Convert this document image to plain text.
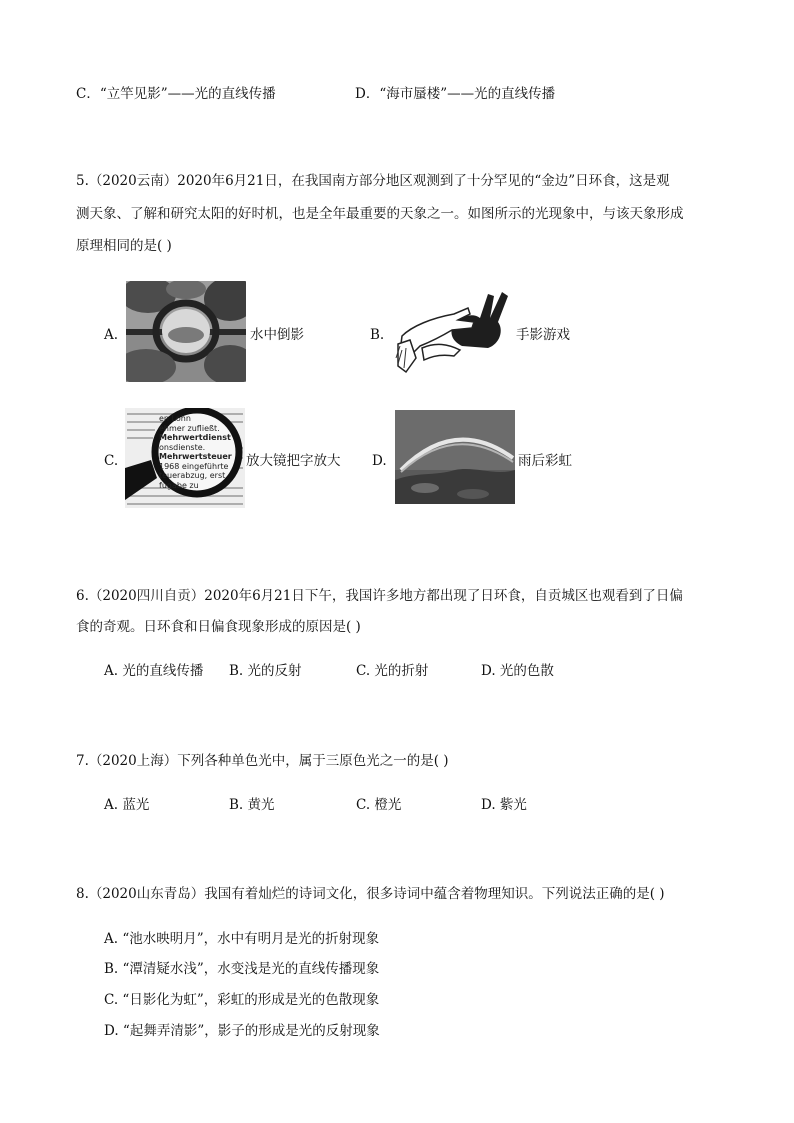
C．“立竿见影”——光的直线传播	D．“海市蜃楼”——光的直线传播
5.（2020云南）2020年6月21日，在我国南方部分地区观测到了十分罕见的“金边”日环食，这是观
测天象、了解和研究太阳的好时机，也是全年最重要的天象之一。如图所示的光现象中，与该天象形成
原理相同的是( )
A.	水中倒影	B.	手影游戏
C.
en Lohn
ehmer zufließt.
Mehrwertdienst
onsdienste.
Mehrwertsteuer
1968 eingeführte
teuerabzug, erst
fugabe zu
放大镜把字放大 D.	雨后彩虹
6.（2020四川自贡）2020年6月21日下午，我国许多地方都出现了日环食，自贡城区也观看到了日偏
食的奇观。日环食和日偏食现象形成的原因是( )
A. 光的直线传播 B. 光的反射	C. 光的折射	D. 光的色散
7.（2020上海）下列各种单色光中，属于三原色光之一的是( )
A. 蓝光	B. 黄光	C. 橙光	D. 紫光
8.（2020山东青岛）我国有着灿烂的诗词文化，很多诗词中蕴含着物理知识。下列说法正确的是( )
A. “池水映明月”，水中有明月是光的折射现象
B. “潭清疑水浅”，水变浅是光的直线传播现象
C. “日影化为虹”，彩虹的形成是光的色散现象
D. “起舞弄清影”，影子的形成是光的反射现象
